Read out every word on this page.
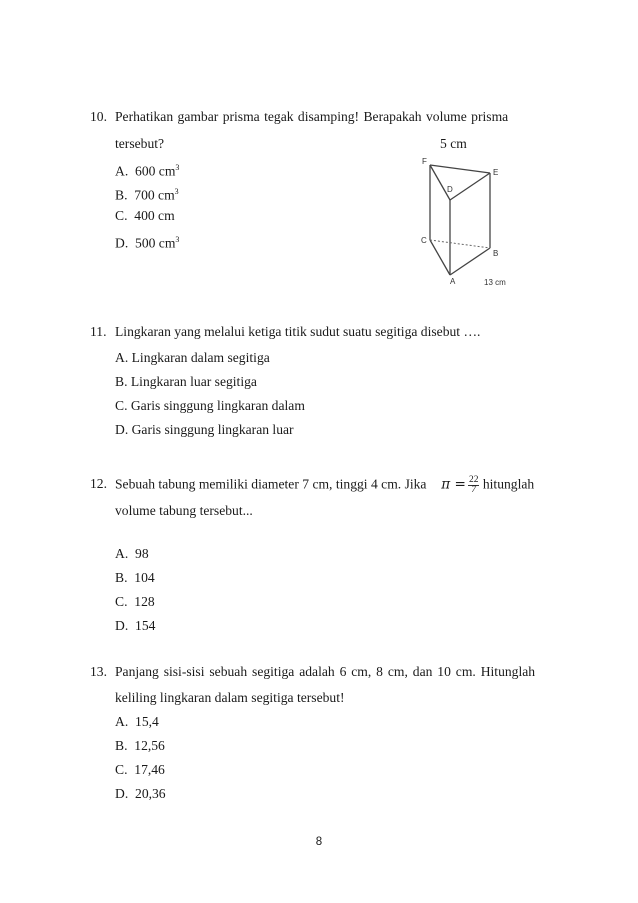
10. Perhatikan gambar prisma tegak disamping! Berapakah volume prisma
tersebut?	5 cm
A. 600 $cm^3$
B. 700 $cm^3$
C. 400 cm
D. 500 $cm^3$
F
E
D
C
B
A	13 cm
11. Lingkaran yang melalui ketiga titik sudut suatu segitiga disebut ….
A. Lingkaran dalam segitiga
B. Lingkaran luar segitiga
C. Garis singgung lingkaran dalam
D. Garis singgung lingkaran luar
12. Sebuah tabung memiliki diameter 7 cm, tinggi 4 cm. Jika $\pi = \frac{22}{7}$ hitunglah
volume tabung tersebut...
A. 98
B. 104
C. 128
D. 154
13. Panjang sisi-sisi sebuah segitiga adalah 6 cm, 8 cm, dan 10 cm. Hitunglah
keliling lingkaran dalam segitiga tersebut!
A. 15,4
B. 12,56
C. 17,46
D. 20,36
8
